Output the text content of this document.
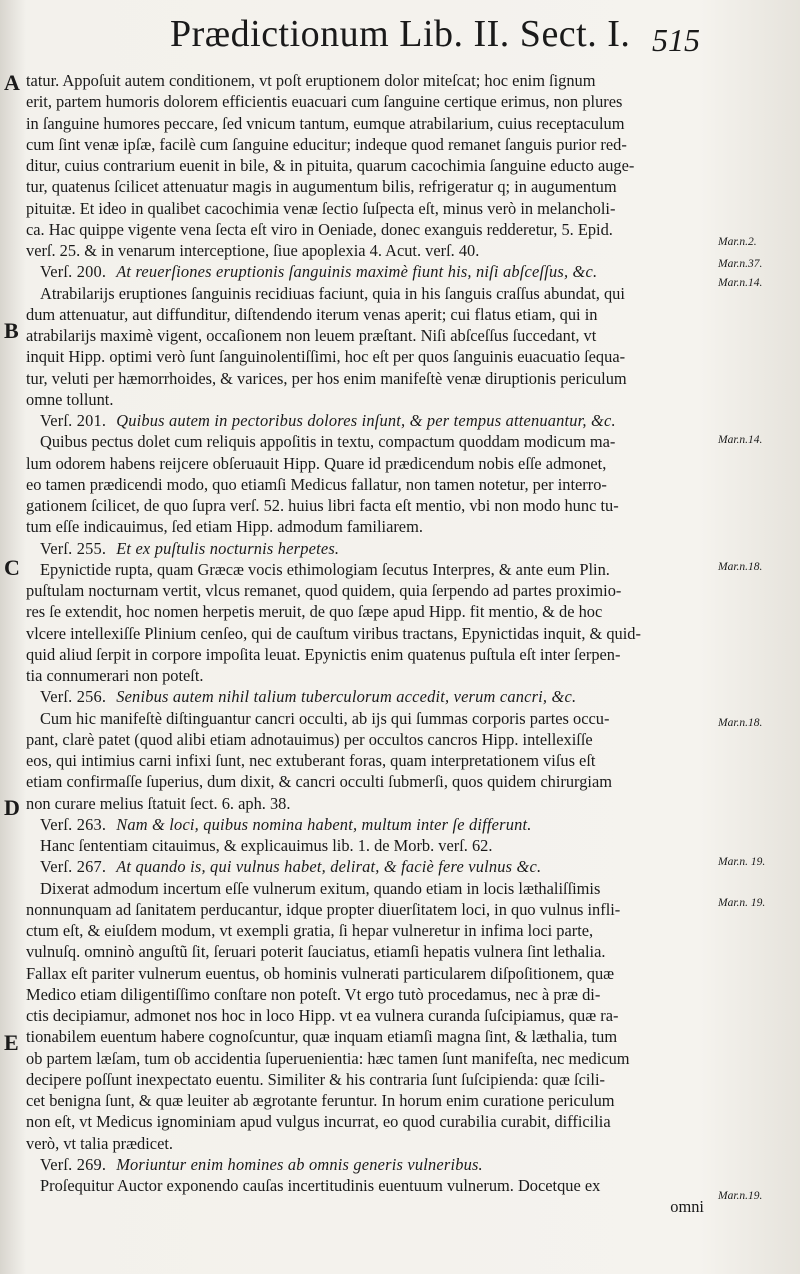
Prædictionum Lib. II. Sect. I. 515
tatur. Appoſuit autem conditionem, vt poſt eruptionem dolor miteſcat; hoc enim ſignum
erit, partem humoris dolorem efficientis euacuari cum ſanguine certique erimus, non plures
in ſanguine humores peccare, ſed vnicum tantum, eumque atrabilarium, cuius receptaculum
cum ſint venæ ipſæ, facilè cum ſanguine educitur; indeque quod remanet ſanguis purior red-
ditur, cuius contrarium euenit in bile, & in pituita, quarum cacochimia ſanguine educto auge-
tur, quatenus ſcilicet attenuatur magis in augumentum bilis, refrigeratur q; in augumentum
pituitæ. Et ideo in qualibet cacochimia venæ ſectio ſuſpecta eſt, minus verò in melancholi-
ca. Hac quippe vigente vena ſecta eſt viro in Oeniade, donec exanguis redderetur, 5. Epid.
verſ. 25. & in venarum interceptione, ſiue apoplexia 4. Acut. verſ. 40.
Verſ. 200. At reuerſiones eruptionis ſanguinis maximè fiunt his, niſi abſceſſus, &c.
Atrabilarijs eruptiones ſanguinis recidiuas faciunt, quia in his ſanguis craſſus abundat, qui
dum attenuatur, aut diffunditur, diſtendendo iterum venas aperit; cui flatus etiam, qui in
atrabilarijs maximè vigent, occaſionem non leuem præſtant. Niſi abſceſſus ſuccedant, vt
inquit Hipp. optimi verò ſunt ſanguinolentiſſimi, hoc eſt per quos ſanguinis euacuatio ſequa-
tur, veluti per hæmorrhoides, & varices, per hos enim manifeſtè venæ diruptionis periculum
omne tollunt.
Verſ. 201. Quibus autem in pectoribus dolores inſunt, & per tempus attenuantur, &c.
Quibus pectus dolet cum reliquis appoſitis in textu, compactum quoddam modicum ma-
lum odorem habens reijcere obſeruauit Hipp. Quare id prædicendum nobis eſſe admonet,
eo tamen prædicendi modo, quo etiamſi Medicus fallatur, non tamen notetur, per interro-
gationem ſcilicet, de quo ſupra verſ. 52. huius libri facta eſt mentio, vbi non modo hunc tu-
tum eſſe indicauimus, ſed etiam Hipp. admodum familiarem.
Verſ. 255. Et ex puſtulis nocturnis herpetes.
Epynictide rupta, quam Græcæ vocis ethimologiam ſecutus Interpres, & ante eum Plin.
puſtulam nocturnam vertit, vlcus remanet, quod quidem, quia ſerpendo ad partes proximio-
res ſe extendit, hoc nomen herpetis meruit, de quo ſæpe apud Hipp. fit mentio, & de hoc
vlcere intellexiſſe Plinium cenſeo, qui de cauſtum viribus tractans, Epynictidas inquit, & quid-
quid aliud ſerpit in corpore impoſita leuat. Epynictis enim quatenus puſtula eſt inter ſerpen-
tia connumerari non poteſt.
Verſ. 256. Senibus autem nihil talium tuberculorum accedit, verum cancri, &c.
Cum hic manifeſtè diſtinguantur cancri occulti, ab ijs qui ſummas corporis partes occu-
pant, clarè patet (quod alibi etiam adnotauimus) per occultos cancros Hipp. intellexiſſe
eos, qui intimius carni infixi ſunt, nec extuberant foras, quam interpretationem viſus eſt
etiam confirmaſſe ſuperius, dum dixit, & cancri occulti ſubmerſi, quos quidem chirurgiam
non curare melius ſtatuit ſect. 6. aph. 38.
Verſ. 263. Nam & loci, quibus nomina habent, multum inter ſe differunt.
Hanc ſententiam citauimus, & explicauimus lib. 1. de Morb. verſ. 62.
Verſ. 267. At quando is, qui vulnus habet, delirat, & faciè fere vulnus &c.
Dixerat admodum incertum eſſe vulnerum exitum, quando etiam in locis læthaliſſimis
nonnunquam ad ſanitatem perducantur, idque propter diuerſitatem loci, in quo vulnus infli-
ctum eſt, & eiuſdem modum, vt exempli gratia, ſi hepar vulneretur in infima loci parte,
vulnuſq. omninò anguſtũ ſit, ſeruari poterit ſauciatus, etiamſi hepatis vulnera ſint lethalia.
Fallax eſt pariter vulnerum euentus, ob hominis vulnerati particularem diſpoſitionem, quæ
Medico etiam diligentiſſimo conſtare non poteſt. Vt ergo tutò procedamus, nec à præ di-
ctis decipiamur, admonet nos hoc in loco Hipp. vt ea vulnera curanda ſuſcipiamus, quæ ra-
tionabilem euentum habere cognoſcuntur, quæ inquam etiamſi magna ſint, & læthalia, tum
ob partem læſam, tum ob accidentia ſuperuenientia: hæc tamen ſunt manifeſta, nec medicum
decipere poſſunt inexpectato euentu. Similiter & his contraria ſunt ſuſcipienda: quæ ſcili-
cet benigna ſunt, & quæ leuiter ab ægrotante feruntur. In horum enim curatione periculum
non eſt, vt Medicus ignominiam apud vulgus incurrat, eo quod curabilia curabit, difficilia
verò, vt talia prædicet.
Verſ. 269. Moriuntur enim homines ab omnis generis vulneribus.
Proſequitur Auctor exponendo cauſas incertitudinis euentuum vulnerum. Docetque ex
omni
A
B
C
D
E
Mar.n.2.
Mar.n.37.
Mar.n.14.
Mar.n.14.
Mar.n.18.
Mar.n.18.
Mar.n. 19.
Mar.n. 19.
Mar.n.19.
